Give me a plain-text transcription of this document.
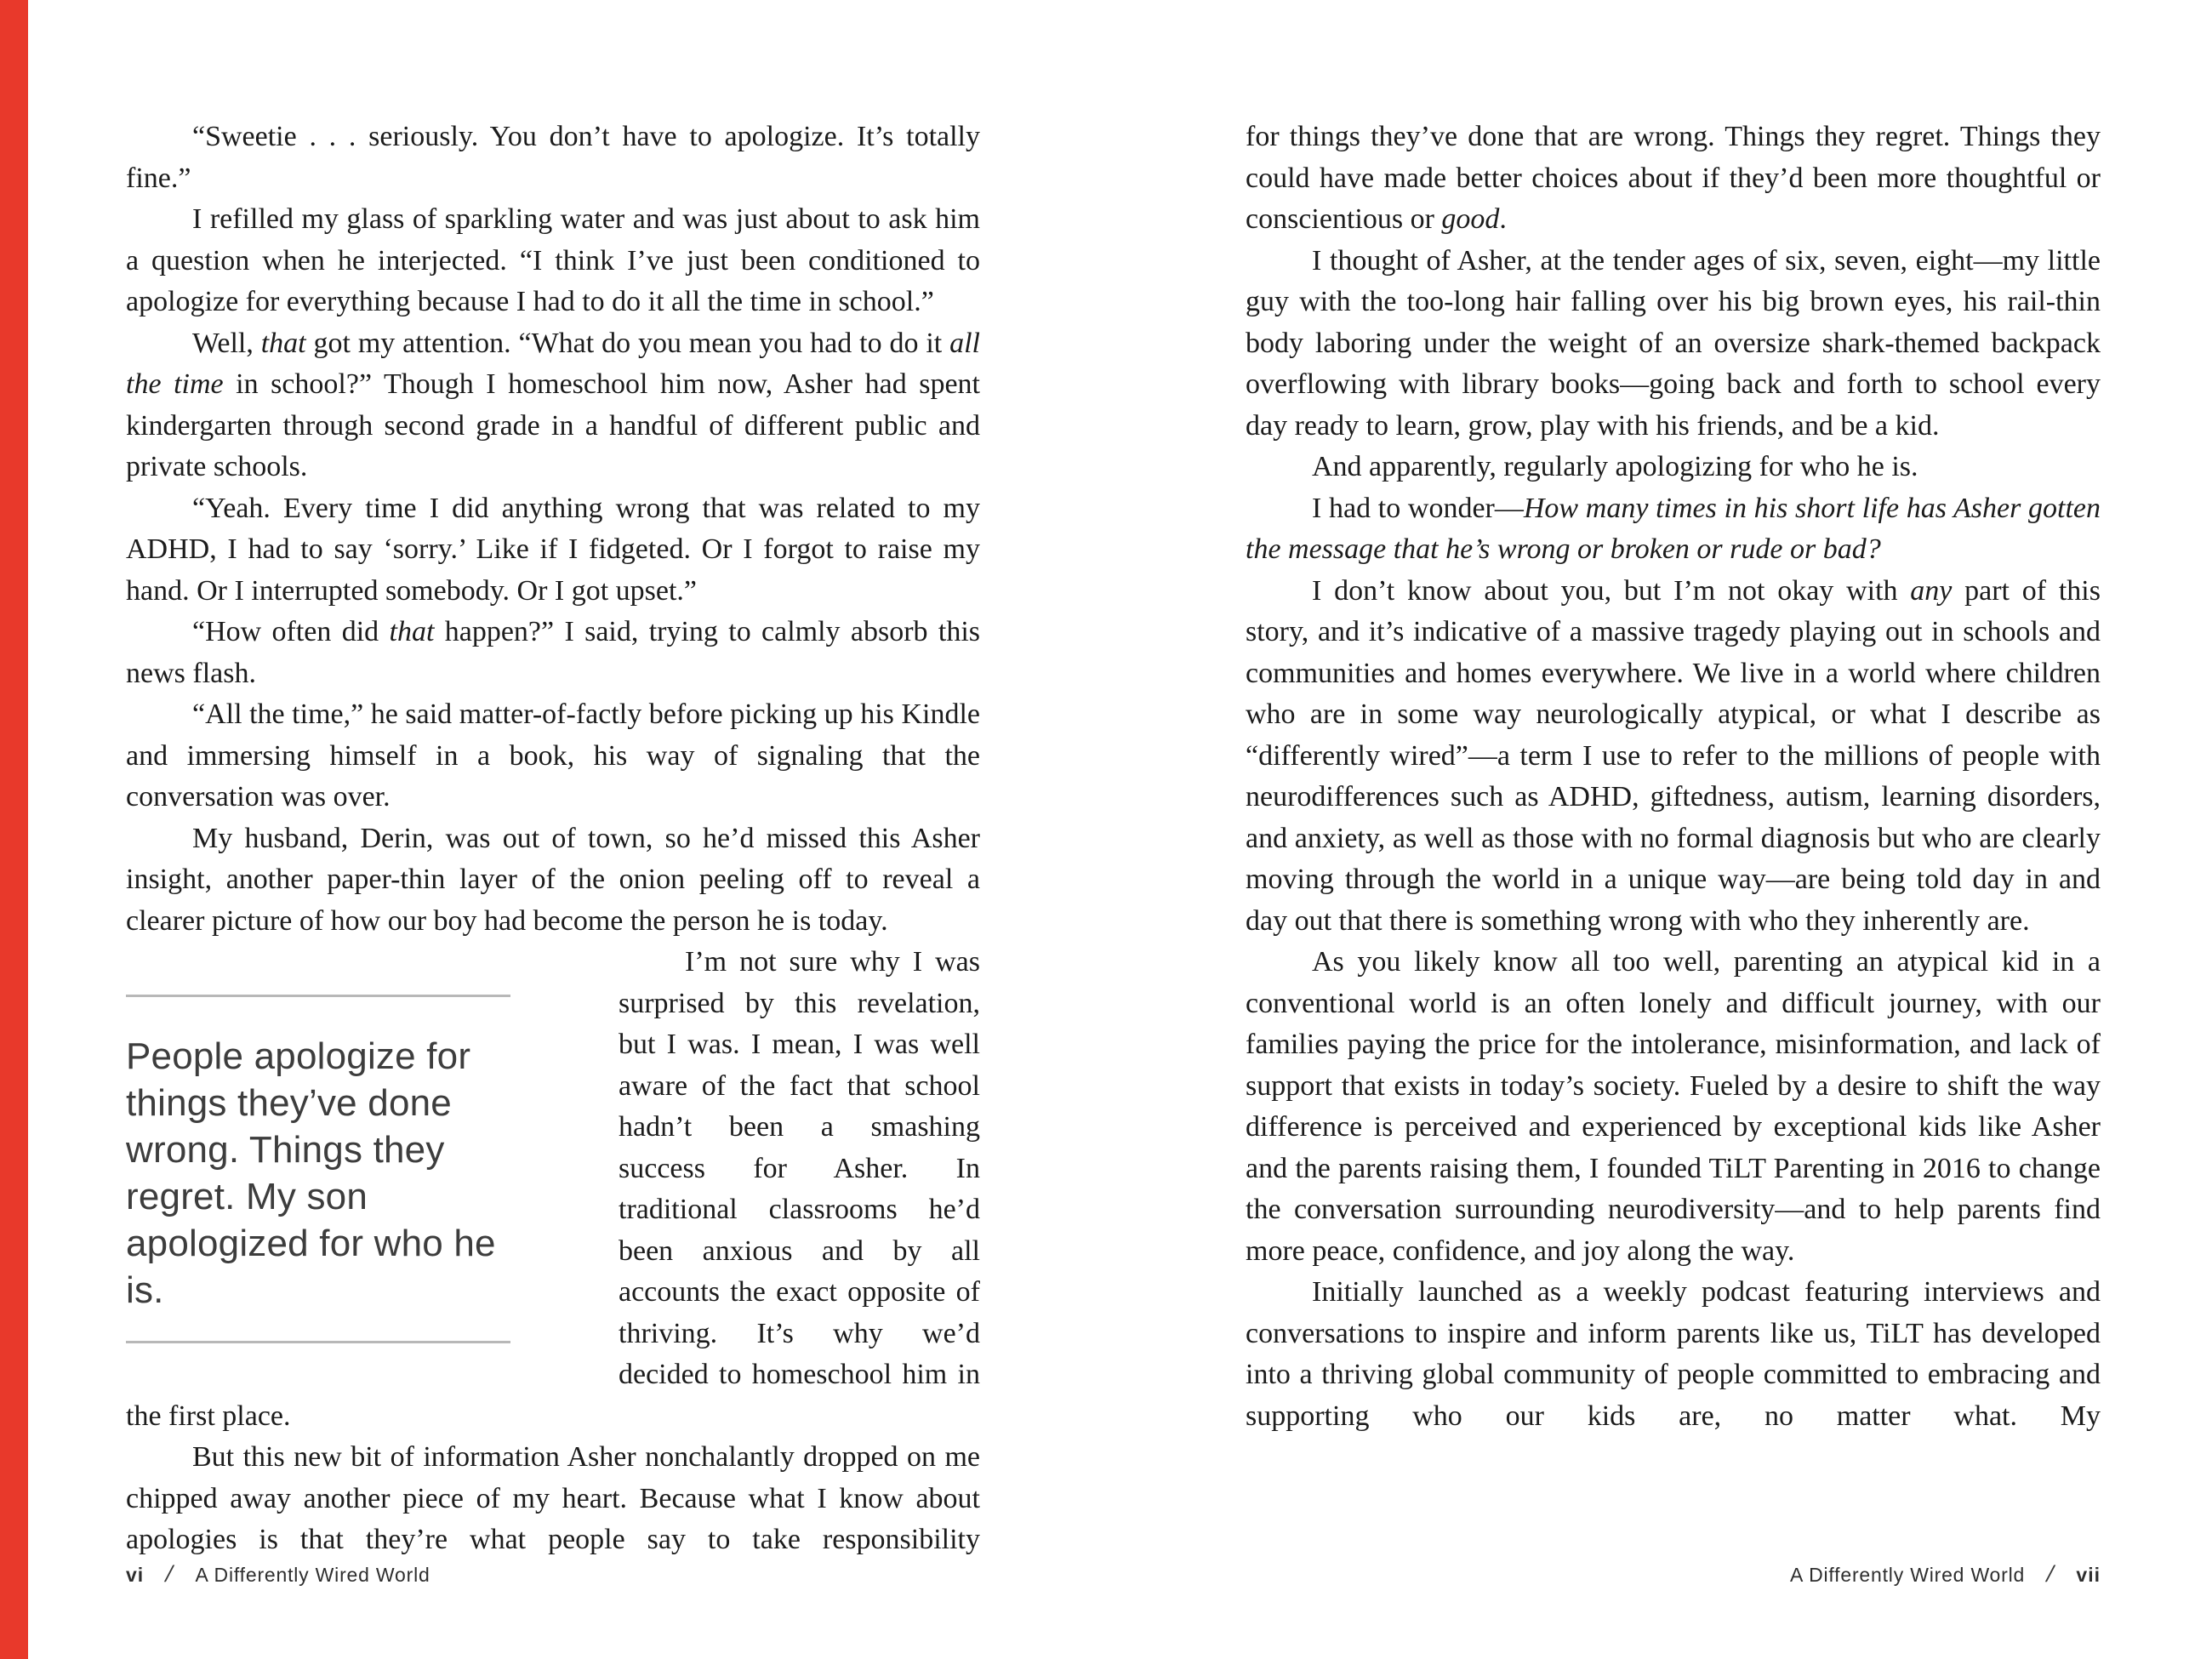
“Sweetie . . . seriously. You don’t have to apologize. It’s totally fine.”

I refilled my glass of sparkling water and was just about to ask him a question when he interjected. “I think I’ve just been conditioned to apologize for everything because I had to do it all the time in school.”

Well, that got my attention. “What do you mean you had to do it all the time in school?” Though I homeschool him now, Asher had spent kindergarten through second grade in a handful of different public and private schools.

“Yeah. Every time I did anything wrong that was related to my ADHD, I had to say ‘sorry.’ Like if I fidgeted. Or I forgot to raise my hand. Or I interrupted somebody. Or I got upset.”

“How often did that happen?” I said, trying to calmly absorb this news flash.

“All the time,” he said matter-of-factly before picking up his Kindle and immersing himself in a book, his way of signaling that the conversation was over.

My husband, Derin, was out of town, so he’d missed this Asher insight, another paper-thin layer of the onion peeling off to reveal a clearer picture of how our boy had become the person he is today.

People apologize for things they’ve done wrong. Things they regret. My son apologized for who he is.

I’m not sure why I was surprised by this revelation, but I was. I mean, I was well aware of the fact that school hadn’t been a smashing success for Asher. In traditional classrooms he’d been anxious and by all accounts the exact opposite of thriving. It’s why we’d decided to homeschool him in the first place.

But this new bit of information Asher nonchalantly dropped on me chipped away another piece of my heart. Because what I know about apologies is that they’re what people say to take responsibility

for things they’ve done that are wrong. Things they regret. Things they could have made better choices about if they’d been more thoughtful or conscientious or good.

I thought of Asher, at the tender ages of six, seven, eight—my little guy with the too-long hair falling over his big brown eyes, his rail-thin body laboring under the weight of an oversize shark-themed backpack overflowing with library books—going back and forth to school every day ready to learn, grow, play with his friends, and be a kid.

And apparently, regularly apologizing for who he is.

I had to wonder—How many times in his short life has Asher gotten the message that he’s wrong or broken or rude or bad?

I don’t know about you, but I’m not okay with any part of this story, and it’s indicative of a massive tragedy playing out in schools and communities and homes everywhere. We live in a world where children who are in some way neurologically atypical, or what I describe as “differently wired”—a term I use to refer to the millions of people with neurodifferences such as ADHD, giftedness, autism, learning disorders, and anxiety, as well as those with no formal diagnosis but who are clearly moving through the world in a unique way—are being told day in and day out that there is something wrong with who they inherently are.

As you likely know all too well, parenting an atypical kid in a conventional world is an often lonely and difficult journey, with our families paying the price for the intolerance, misinformation, and lack of support that exists in today’s society. Fueled by a desire to shift the way difference is perceived and experienced by exceptional kids like Asher and the parents raising them, I founded TiLT Parenting in 2016 to change the conversation surrounding neurodiversity—and to help parents find more peace, confidence, and joy along the way.

Initially launched as a weekly podcast featuring interviews and conversations to inspire and inform parents like us, TiLT has developed into a thriving global community of people committed to embracing and supporting who our kids are, no matter what. My

vi / A Differently Wired World	A Differently Wired World / vii
